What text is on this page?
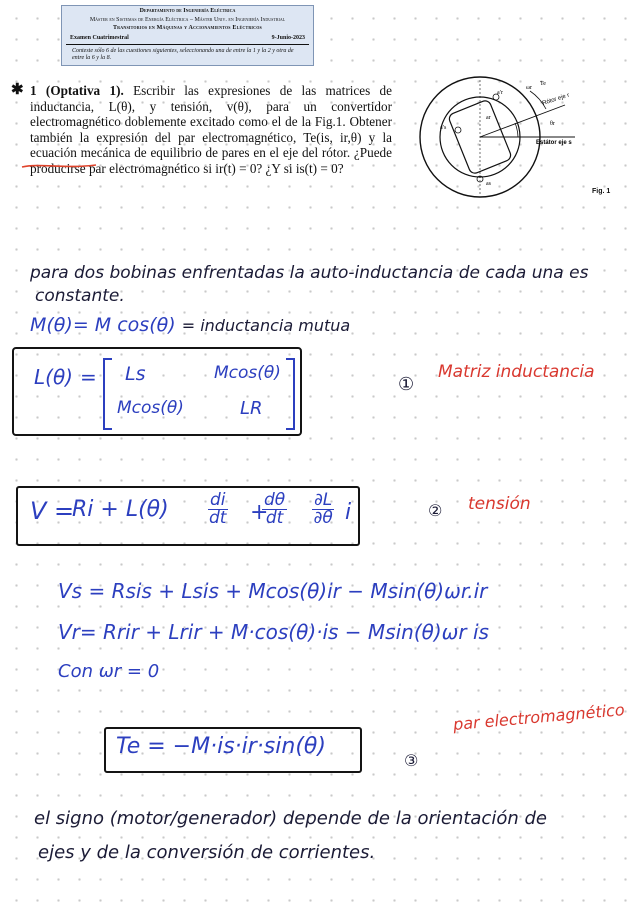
Departamento de Ingeniería Eléctrica
Máster en Sistemas de Energía Eléctrica – Máster Univ. en Ingeniería Industrial
Transitorios en Máquinas y Accionamientos Eléctricos
Examen Cuatrimestral	9-Junio-2023
Conteste sólo 6 de las cuestiones siguientes, seleccionando una de entre la 1 y la 2 y otra de entre la 6 y la 8.
✱ 1 (Optativa 1). Escribir las expresiones de las matrices de inductancia, L(θ), y tensión, v(θ), para un convertidor electromagnético doblemente excitado como el de la Fig.1. Obtener también la expresión del par electromagnético, Te(is, ir,θ) y la ecuación mecánica de equilibrio de pares en el eje del rótor. ¿Puede producirse par electromagnético si ir(t) = 0? ¿Y si is(t) = 0?

a′r
ar
a′s
as
ωr
Te
Rótor eje r
θr
Estátor eje s
Fig. 1
para dos bobinas enfrentadas la auto-inductancia de cada una es
constante.
M(θ)= M cos(θ) = inductancia mutua
L(θ) = Ls	Mcos(θ)
Mcos(θ)	LR
①
Matriz inductancia
V =
$Ri + L(\theta) \frac{di}{dt}$ +
$\frac{d\theta}{dt} \frac{\partial L}{\partial\theta}$ i	② tensión
Vs = Rsis + Lsis + Mcos(θ)ir − Msin(θ)ωr.ir
Vr= Rrir + Lrir + M·cos(θ)·is − Msin(θ)ωr is
Con ωr = 0
Te = −M·is·ir·sin(θ)
③
par electromagnético
el signo (motor/generador) depende de la orientación de
ejes y de la conversión de corrientes.
